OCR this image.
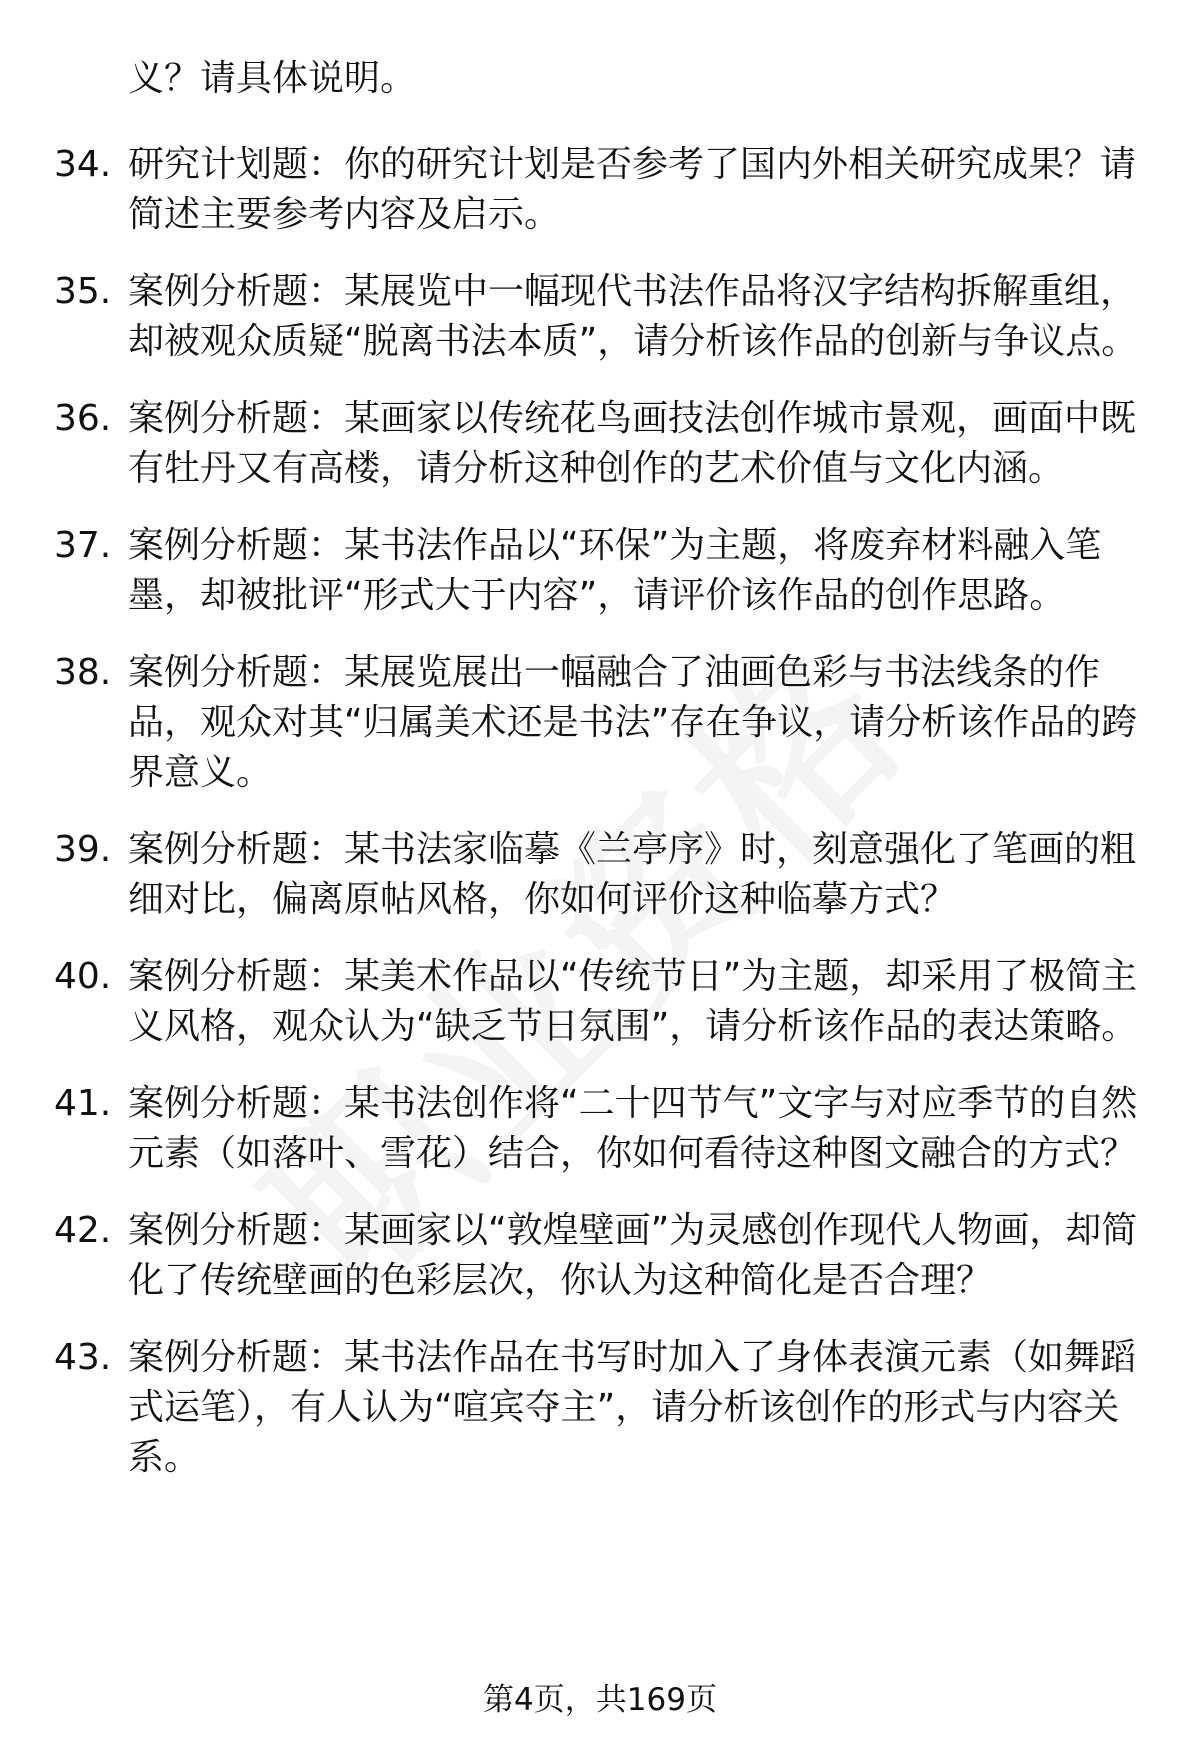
义？请具体说明。
34. 研究计划题：你的研究计划是否参考了国内外相关研究成果？请简述主要参考内容及启示。
35. 案例分析题：某展览中一幅现代书法作品将汉字结构拆解重组，却被观众质疑“脱离书法本质”，请分析该作品的创新与争议点。
36. 案例分析题：某画家以传统花鸟画技法创作城市景观，画面中既有牡丹又有高楼，请分析这种创作的艺术价值与文化内涵。
37. 案例分析题：某书法作品以“环保”为主题，将废弃材料融入笔墨，却被批评“形式大于内容”，请评价该作品的创作思路。
38. 案例分析题：某展览展出一幅融合了油画色彩与书法线条的作品，观众对其“归属美术还是书法”存在争议，请分析该作品的跨界意义。
39. 案例分析题：某书法家临摹《兰亭序》时，刻意强化了笔画的粗细对比，偏离原帖风格，你如何评价这种临摹方式？
40. 案例分析题：某美术作品以“传统节日”为主题，却采用了极简主义风格，观众认为“缺乏节日氛围”，请分析该作品的表达策略。
41. 案例分析题：某书法创作将“二十四节气”文字与对应季节的自然元素（如落叶、雪花）结合，你如何看待这种图文融合的方式？
42. 案例分析题：某画家以“敦煌壁画”为灵感创作现代人物画，却简化了传统壁画的色彩层次，你认为这种简化是否合理？
43. 案例分析题：某书法作品在书写时加入了身体表演元素（如舞蹈式运笔），有人认为“喧宾夺主”，请分析该创作的形式与内容关系。
第4页，共169页
